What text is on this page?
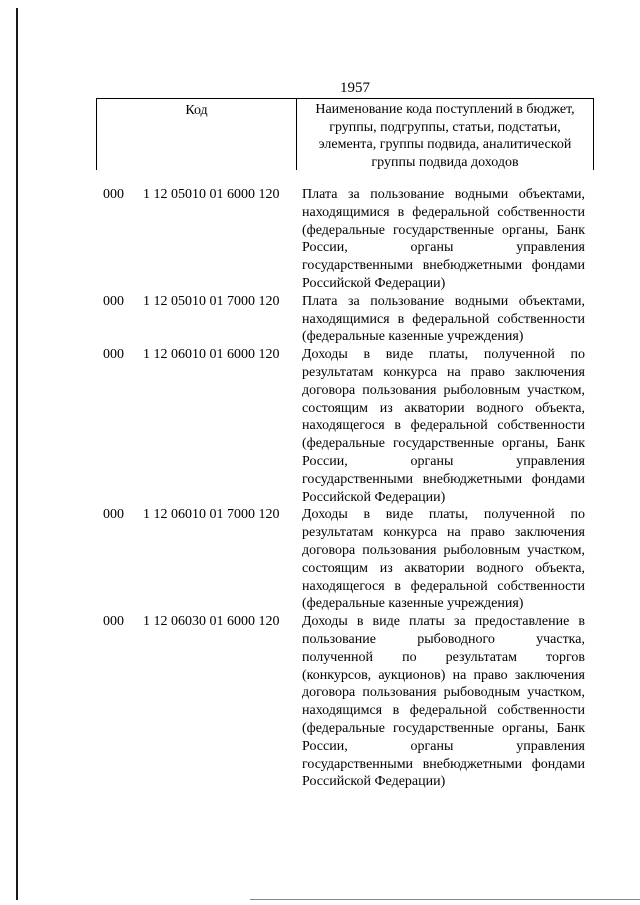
1957
Код	Наименование кода поступлений в бюджет,
группы, подгруппы, статьи, подстатьи,
элемента, группы подвида, аналитической
группы подвида доходов
000 1 12 05010 01 6000 120 Плата за пользование водными объектами,
находящимися в федеральной собственности
(федеральные государственные органы, Банк
России, органы управления
государственными внебюджетными фондами
Российской Федерации)
000 1 12 05010 01 7000 120 Плата за пользование водными объектами,
находящимися в федеральной собственности
(федеральные казенные учреждения)
000 1 12 06010 01 6000 120 Доходы в виде платы, полученной по
результатам конкурса на право заключения
договора пользования рыболовным участком,
состоящим из акватории водного объекта,
находящегося в федеральной собственности
(федеральные государственные органы, Банк
России, органы управления
государственными внебюджетными фондами
Российской Федерации)
000 1 12 06010 01 7000 120 Доходы в виде платы, полученной по
результатам конкурса на право заключения
договора пользования рыболовным участком,
состоящим из акватории водного объекта,
находящегося в федеральной собственности
(федеральные казенные учреждения)
000 1 12 06030 01 6000 120 Доходы в виде платы за предоставление в
пользование рыбоводного участка,
полученной по результатам торгов
(конкурсов, аукционов) на право заключения
договора пользования рыбоводным участком,
находящимся в федеральной собственности
(федеральные государственные органы, Банк
России, органы управления
государственными внебюджетными фондами
Российской Федерации)
